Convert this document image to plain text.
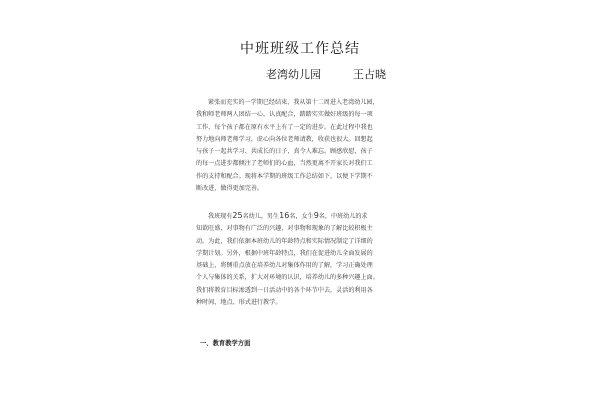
中班班级工作总结
老湾幼儿园	王占晓
紧张而充实的一学期已经结束，我从第十二周进入老湾幼儿园，
我和师老师两人团结一心，认真配合，踏踏实实做好班级的每一项
工作，每个孩子都在原有水平上有了一定的进步。在此过程中我也
努力地向师老师学习，虚心向各位老师请教，收获也很大。回想起
与孩子一起共学习、共成长的日子，真令人难忘。顾感欣慰，孩子
的每一点进步都倾注了老师们的心血，当然更离不开家长对我们工
作的支持和配合。现将本学期的班级工作总结如下，以便下学期不
断改进，做得更加完善。
我班现有25名幼儿，男生16名，女生9名，中班幼儿的求
知欲旺盛，对事物有广泛的兴趣，对事物和现象的了解比较积极主
动。为此，我们依据本班幼儿的年龄特点和实际情况制定了详细的
学期计划。另外，根据中班年龄特点，我们在促进幼儿全面发展的
基础上，将侧重点放在培养幼儿对集体作用的了解，学习正确处理
个人与集体的关系，扩大对环境的认识，培养幼儿的多种兴趣上面。
我们将教育目标渗透到一日活动中的各个环节中去，灵活的利用各
种时间、地点、形式进行教学。
一、教育教学方面
